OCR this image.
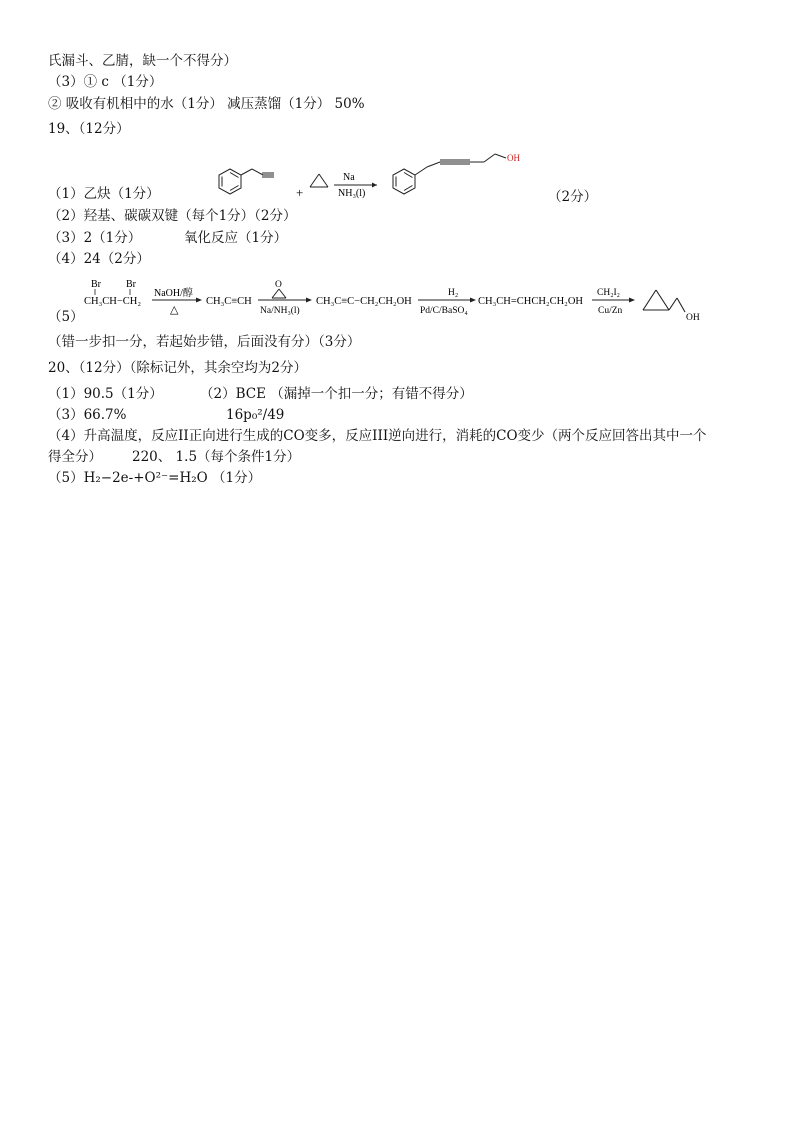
氏漏斗、乙腈，缺一个不得分）
（3）① c （1分）
② 吸收有机相中的水（1分） 减压蒸馏（1分） 50%
19、（12分）
（1）乙炔（1分）	+
Na
NH₃(l)
OH
（2分）
（2）羟基、碳碳双键（每个1分）（2分）
（3）2（1分）	氧化反应（1分）
（4）24（2分）
Br	Br
CH₃CH−CH₂
NaOH/醇
△
CH₃C≡CH
O
Na/NH₃(l)
CH₃C≡C−CH₂CH₂OH
H₂
Pd/C/BaSO₄
CH₃CH=CHCH₂CH₂OH
CH₂I₂
Cu/Zn
OH
（5）
（错一步扣一分，若起始步错，后面没有分）（3分）
20、（12分）（除标记外，其余空均为2分）
（1）90.5（1分）	（2）BCE （漏掉一个扣一分；有错不得分）
（3）66.7%	16p₀²/49
（4）升高温度，反应II正向进行生成的CO变多，反应III逆向进行，消耗的CO变少（两个反应回答出其中一个
得全分） 220、 1.5（每个条件1分）
（5）H₂−2e-+O²⁻=H₂O （1分）
